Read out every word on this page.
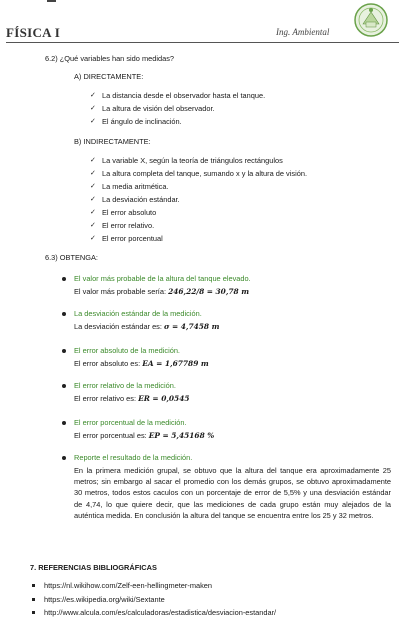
FÍSICA I	Ing. Ambiental
6.2) ¿Qué variables han sido medidas?
A) DIRECTAMENTE:
✓ La distancia desde el observador hasta el tanque.
✓ La altura de visión del observador.
✓ El ángulo de inclinación.
B) INDIRECTAMENTE:
✓ La variable X, según la teoría de triángulos rectángulos
✓ La altura completa del tanque, sumando x y la altura de visión.
✓ La media aritmética.
✓ La desviación estándar.
✓ El error absoluto
✓ El error relativo.
✓ El error porcentual
6.3) OBTENGA:
El valor más probable de la altura del tanque elevado.
El valor más probable sería: 246,22/8 = 30,78 m
La desviación estándar de la medición.
La desviación estándar es: σ = 4,7458 m
El error absoluto de la medición.
El error absoluto es: EA = 1,67789 m
El error relativo de la medición.
El error relativo es: ER = 0,0545
El error porcentual de la medición.
El error porcentual es: EP = 5,45168 %
Reporte el resultado de la medición.
En la primera medición grupal, se obtuvo que la altura del tanque era aproximadamente 25 metros; sin embargo al sacar el promedio con los demás grupos, se obtuvo aproximadamente 30 metros, todos estos caculos con un porcentaje de error de 5,5% y una desviación estándar de 4,74, lo que quiere decir, que las mediciones de cada grupo están muy alejados de la auténtica medida. En conclusión la altura del tanque se encuentra entre los 25 y 32 metros.
7. REFERENCIAS BIBLIOGRÁFICAS
https://nl.wikihow.com/Zelf-een-hellingmeter-maken
https://es.wikipedia.org/wiki/Sextante
http://www.alcula.com/es/calculadoras/estadistica/desviacion-estandar/
